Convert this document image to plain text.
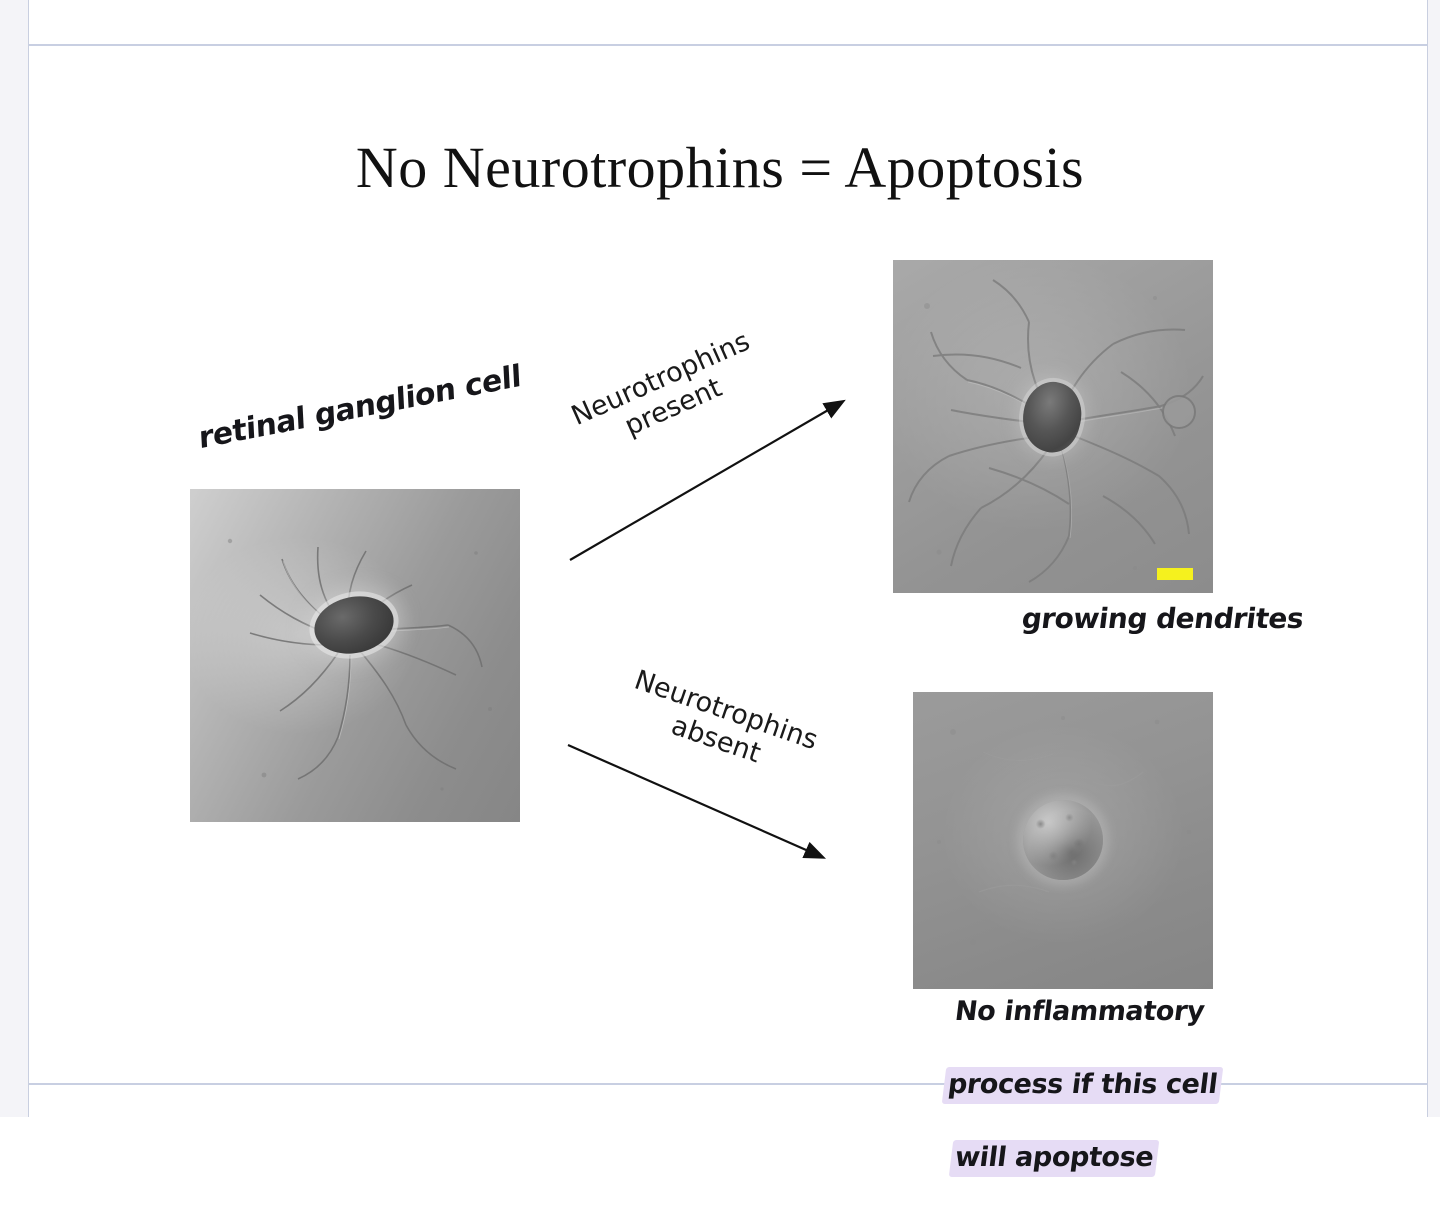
No Neurotrophins = Apoptosis
Neurotrophins
present
Neurotrophins
absent
retinal ganglion cell
growing dendrites

No inflammatory

process if this cell

will apoptose
